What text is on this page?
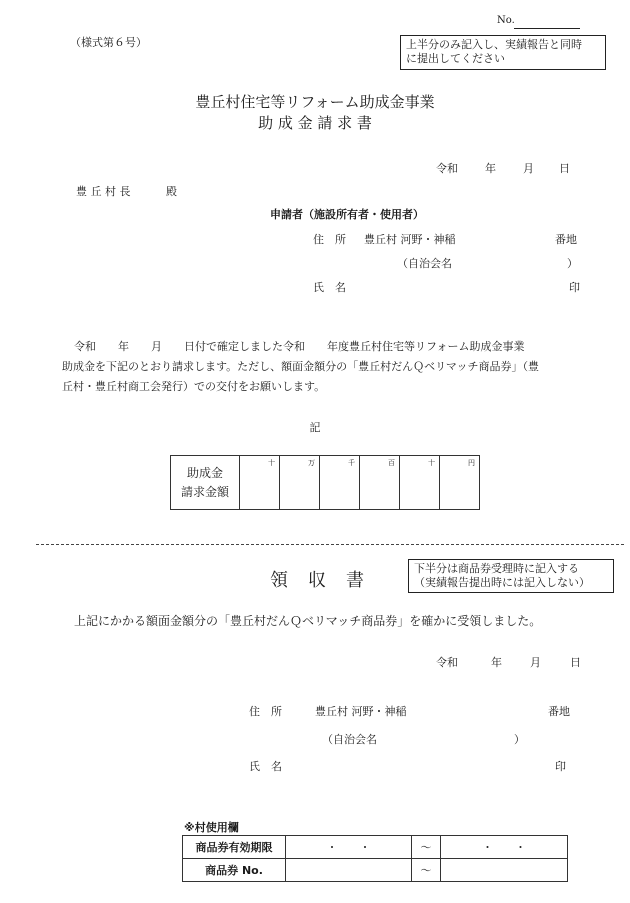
No.
（様式第６号）	上半分のみ記入し、実績報告と同時
に提出してください
豊丘村住宅等リフォーム助成金事業
助 成 金 請 求 書
令和 年 月 日
豊 丘 村 長	殿
申請者（施設所有者・使用者）
住　所 豊丘村 河野・神稲	番地
（自治会名	）
氏　名	印
令和　　年　　月　　日付で確定しました令和　　年度豊丘村住宅等リフォーム助成金事業
助成金を下記のとおり請求します。ただし、額面金額分の「豊丘村だんＱベリマッチ商品券」（豊
丘村・豊丘村商工会発行）での交付をお願いします。
記
助成金
請求金額
	十	万	千	百	十	円
領　収　書
下半分は商品券受理時に記入する
（実績報告提出時には記入しない）
上記にかかる額面金額分の「豊丘村だんＱベリマッチ商品券」を確かに受領しました。
令和	年	月	日
住　所	豊丘村 河野・神稲	番地
（自治会名	）
氏　名	印
※村使用欄
商品券有効期限	・　　・	～	・　　・
商品券 No.		～	
